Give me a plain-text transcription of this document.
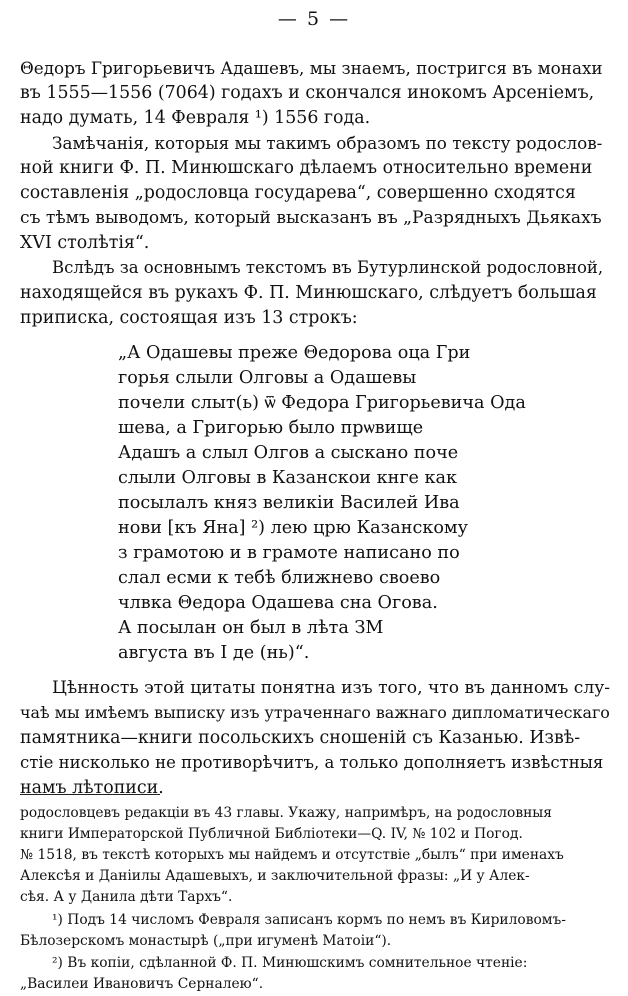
— 5 —
Θедоръ Григорьевичъ Адашевъ, мы знаемъ, постригся въ монахи
въ 1555—1556 (7064) годахъ и скончался инокомъ Арсеніемъ,
надо думать, 14 Февраля ¹) 1556 года.
Замѣчанія, которыя мы такимъ образомъ по тексту родослов-
ной книги Ф. П. Минюшскаго дѣлаемъ относительно времени
составленія „родословца государева“, совершенно сходятся
съ тѣмъ выводомъ, который высказанъ въ „Разрядныхъ Дьякахъ
XVI столѣтія“.
Вслѣдъ за основнымъ текстомъ въ Бутурлинской родословной,
находящейся въ рукахъ Ф. П. Минюшскаго, слѣдуетъ большая
приписка, состоящая изъ 13 строкъ:
„А Одашевы преже Θедорова оцa Гри
горья слыли Олговы а Одашевы
почели слыт(ь) ѿ Федора Григорьевича Ода
шева, а Григорью было прѡвище
Адашъ а слыл Олгов а сыскано поче
слыли Олговы в Казанскои кнге как
посылалъ княз великіи Василей Ива
нови [къ Яна] ²) лею црю Казанскому
з грамотою и в грамоте написано по
слал есми к тебѣ ближнево своево
члвка Θедора Одашева сна Огова.
А посылан он был в лѣта ЗМ
августа въ І де (нь)“.
Цѣнность этой цитаты понятна изъ того, что въ данномъ слу-
чаѣ мы имѣемъ выписку изъ утраченнаго важнаго дипломатическаго
памятника—книги посольскихъ сношеній съ Казанью. Извѣ-
стіе нисколько не противорѣчитъ, а только дополняетъ извѣстныя
намъ лѣтописи.
родословцевъ редакціи въ 43 главы. Укажу, напримѣръ, на родословныя
книги Императорской Публичной Библіотеки—Q. IV, № 102 и Погод.
№ 1518, въ текстѣ которыхъ мы найдемъ и отсутствіе „былъ“ при именахъ
Алексѣя и Даніилы Адашевыхъ, и заключительной фразы: „И у Алек-
сѣя. А у Данила дѣти Тархъ“.
¹) Подъ 14 числомъ Февраля записанъ кормъ по немъ въ Кириловомъ-
Бѣлозерскомъ монастырѣ („при игуменѣ Матоіи“).
²) Въ копіи, сдѣланной Ф. П. Минюшскимъ сомнительное чтеніе:
„Василеи Ивановичъ Серналею“.
